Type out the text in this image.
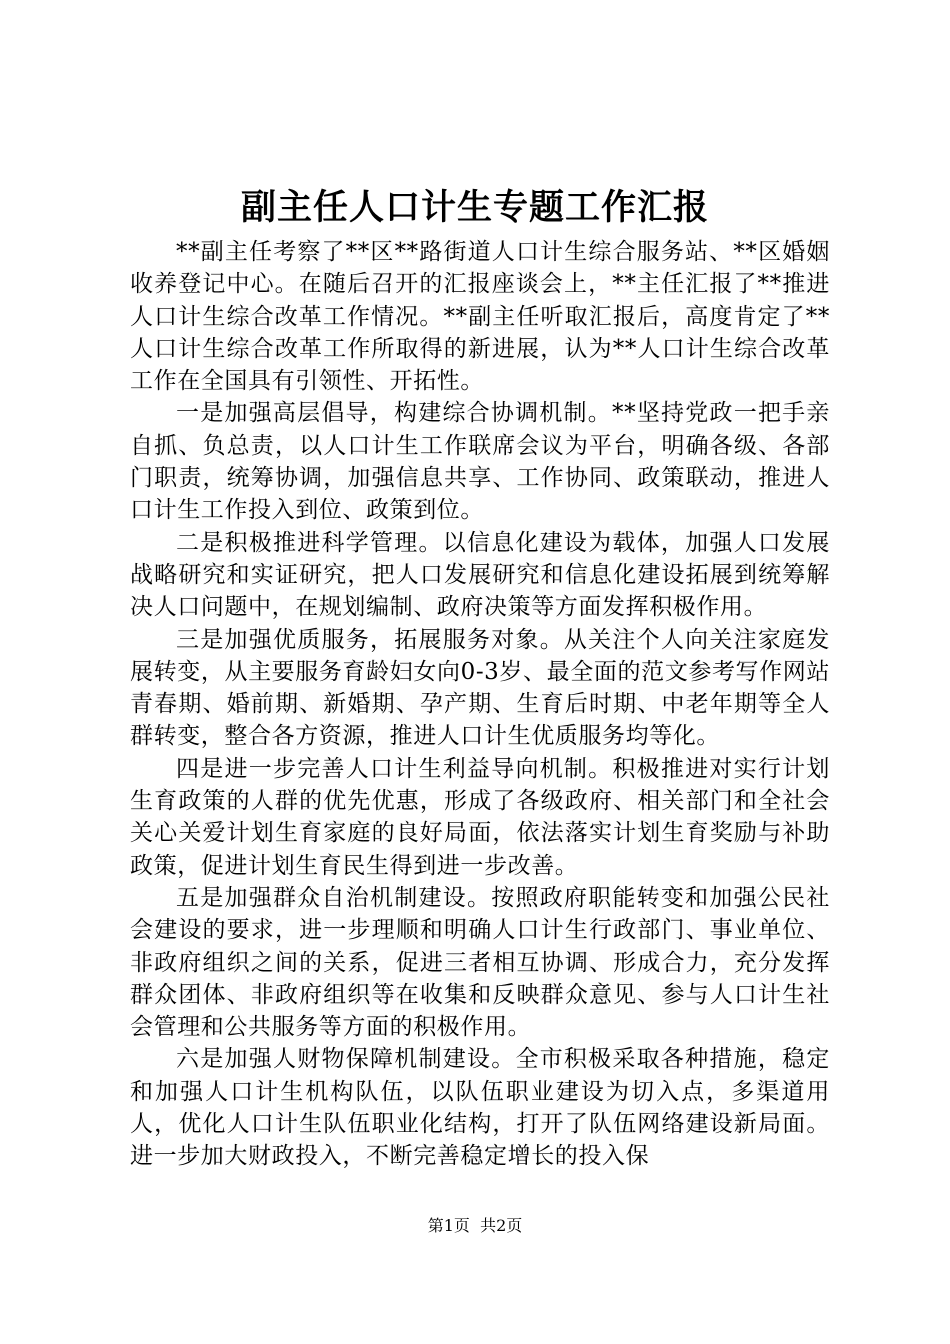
副主任人口计生专题工作汇报

**副主任考察了**区**路街道人口计生综合服务站、**区婚姻收养登记中心。在随后召开的汇报座谈会上，**主任汇报了**推进人口计生综合改革工作情况。**副主任听取汇报后，高度肯定了**人口计生综合改革工作所取得的新进展，认为**人口计生综合改革工作在全国具有引领性、开拓性。

一是加强高层倡导，构建综合协调机制。**坚持党政一把手亲自抓、负总责，以人口计生工作联席会议为平台，明确各级、各部门职责，统筹协调，加强信息共享、工作协同、政策联动，推进人口计生工作投入到位、政策到位。

二是积极推进科学管理。以信息化建设为载体，加强人口发展战略研究和实证研究，把人口发展研究和信息化建设拓展到统筹解决人口问题中，在规划编制、政府决策等方面发挥积极作用。

三是加强优质服务，拓展服务对象。从关注个人向关注家庭发展转变，从主要服务育龄妇女向0-3岁、最全面的范文参考写作网站青春期、婚前期、新婚期、孕产期、生育后时期、中老年期等全人群转变，整合各方资源，推进人口计生优质服务均等化。

四是进一步完善人口计生利益导向机制。积极推进对实行计划生育政策的人群的优先优惠，形成了各级政府、相关部门和全社会关心关爱计划生育家庭的良好局面，依法落实计划生育奖励与补助政策，促进计划生育民生得到进一步改善。

五是加强群众自治机制建设。按照政府职能转变和加强公民社会建设的要求，进一步理顺和明确人口计生行政部门、事业单位、非政府组织之间的关系，促进三者相互协调、形成合力，充分发挥群众团体、非政府组织等在收集和反映群众意见、参与人口计生社会管理和公共服务等方面的积极作用。

六是加强人财物保障机制建设。全市积极采取各种措施，稳定和加强人口计生机构队伍，以队伍职业建设为切入点，多渠道用人，优化人口计生队伍职业化结构，打开了队伍网络建设新局面。进一步加大财政投入，不断完善稳定增长的投入保

第1页  共2页
